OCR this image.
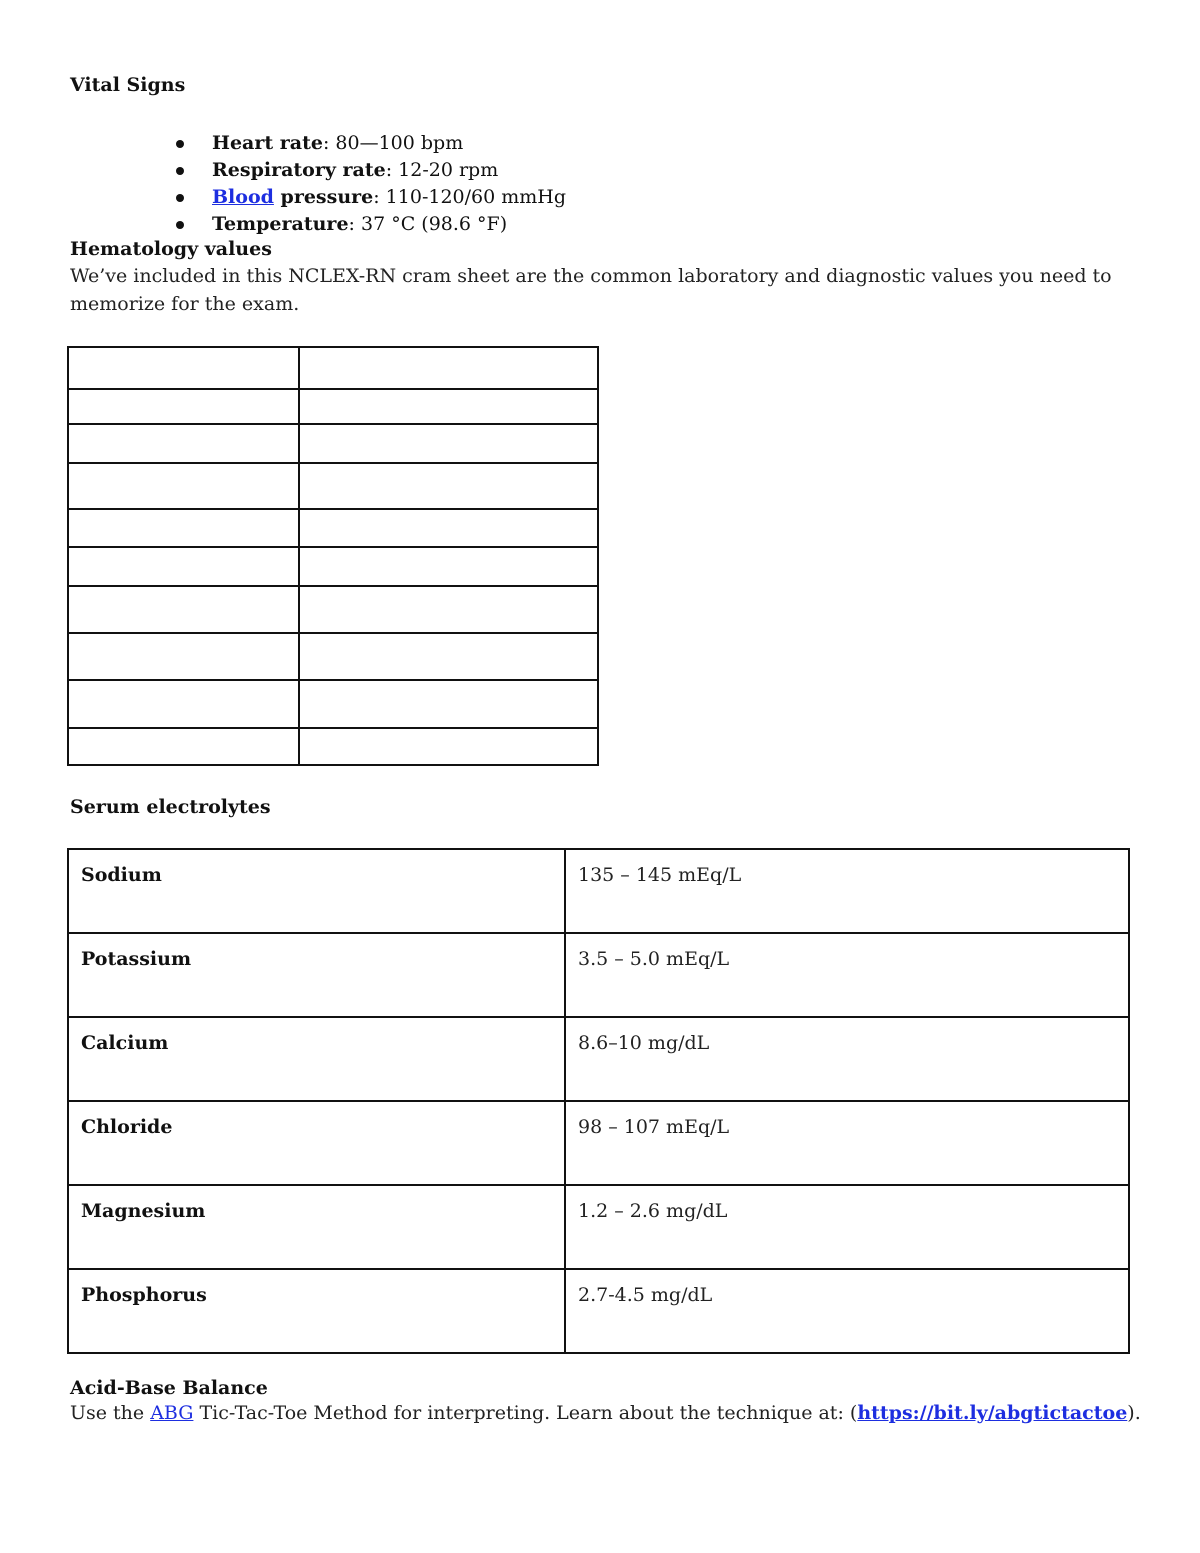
Vital Signs
Heart rate: 80—100 bpm
Respiratory rate: 12-20 rpm
Blood pressure: 110-120/60 mmHg
Temperature: 37 °C (98.6 °F)
Hematology values
We’ve included in this NCLEX-RN cram sheet are the common laboratory and diagnostic values you need to memorize for the exam.
Serum electrolytes
Sodium	135 – 145 mEq/L
Potassium	3.5 – 5.0 mEq/L
Calcium	8.6–10 mg/dL
Chloride	98 – 107 mEq/L
Magnesium	1.2 – 2.6 mg/dL
Phosphorus	2.7-4.5 mg/dL
Acid-Base Balance
Use the ABG Tic-Tac-Toe Method for interpreting. Learn about the technique at: (https://bit.ly/abgtictactoe).
